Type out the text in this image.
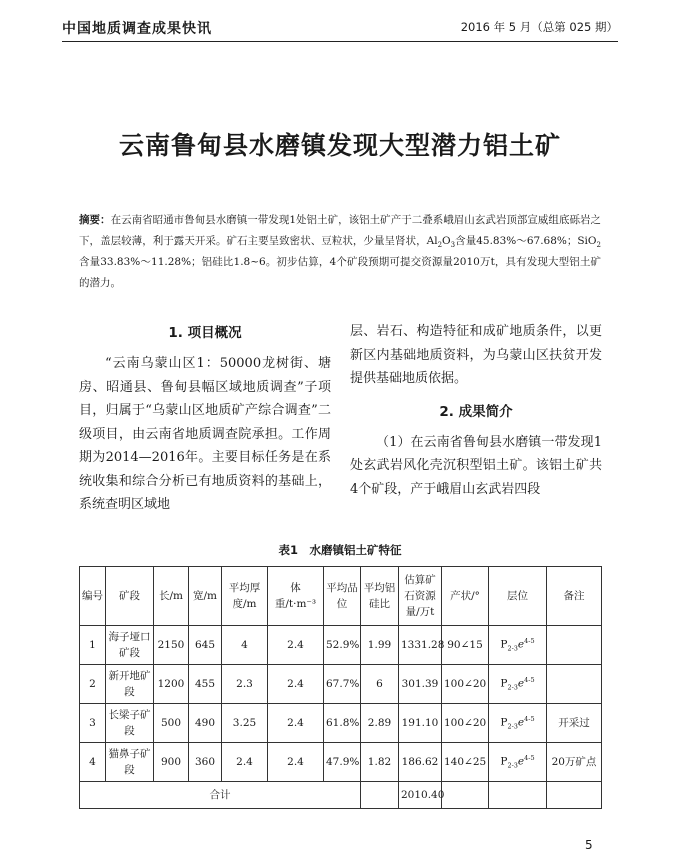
中国地质调查成果快讯	2016 年 5 月（总第 025 期）
云南鲁甸县水磨镇发现大型潜力铝土矿
摘要：在云南省昭通市鲁甸县水磨镇一带发现1处铝土矿，该铝土矿产于二叠系峨眉山玄武岩顶部宣威组底砾岩之下，盖层较薄，利于露天开采。矿石主要呈致密状、豆粒状，少量呈肾状，$Al_2O_3$含量45.83%～67.68%；SiO$_2$含量33.83%～11.28%；铝硅比1.8~6。初步估算，4个矿段预期可提交资源量2010万t，具有发现大型铝土矿的潜力。
1. 项目概况

“云南乌蒙山区1：50000龙树街、塘房、昭通县、鲁甸县幅区域地质调查”子项目，归属于“乌蒙山区地质矿产综合调查”二级项目，由云南省地质调查院承担。工作周期为2014—2016年。主要目标任务是在系统收集和综合分析已有地质资料的基础上，系统查明区域地

层、岩石、构造特征和成矿地质条件，以更新区内基础地质资料，为乌蒙山区扶贫开发提供基础地质依据。

2. 成果简介

（1）在云南省鲁甸县水磨镇一带发现1处玄武岩风化壳沉积型铝土矿。该铝土矿共4个矿段，产于峨眉山玄武岩四段

表1　水磨镇铝土矿特征
编号	矿段	长/m	宽/m	平均厚度/m	体重/t·m⁻³	平均品位	平均铝硅比	估算矿石资源量/万t	产状/°	层位	备注
1	海子垭口矿段	2150	645	4	2.4	52.9%	1.99	1331.28	90∠15	$P_{2-3}e^{4-5}$	
2	新开地矿段	1200	455	2.3	2.4	67.7%	6	301.39	100∠20	$P_{2-3}e^{4-5}$	
3	长梁子矿段	500	490	3.25	2.4	61.8%	2.89	191.10	100∠20	$P_{2-3}e^{4-5}$	开采过
4	猫鼻子矿段	900	360	2.4	2.4	47.9%	1.82	186.62	140∠25	$P_{2-3}e^{4-5}$	20万矿点
合计								2010.40			
5
